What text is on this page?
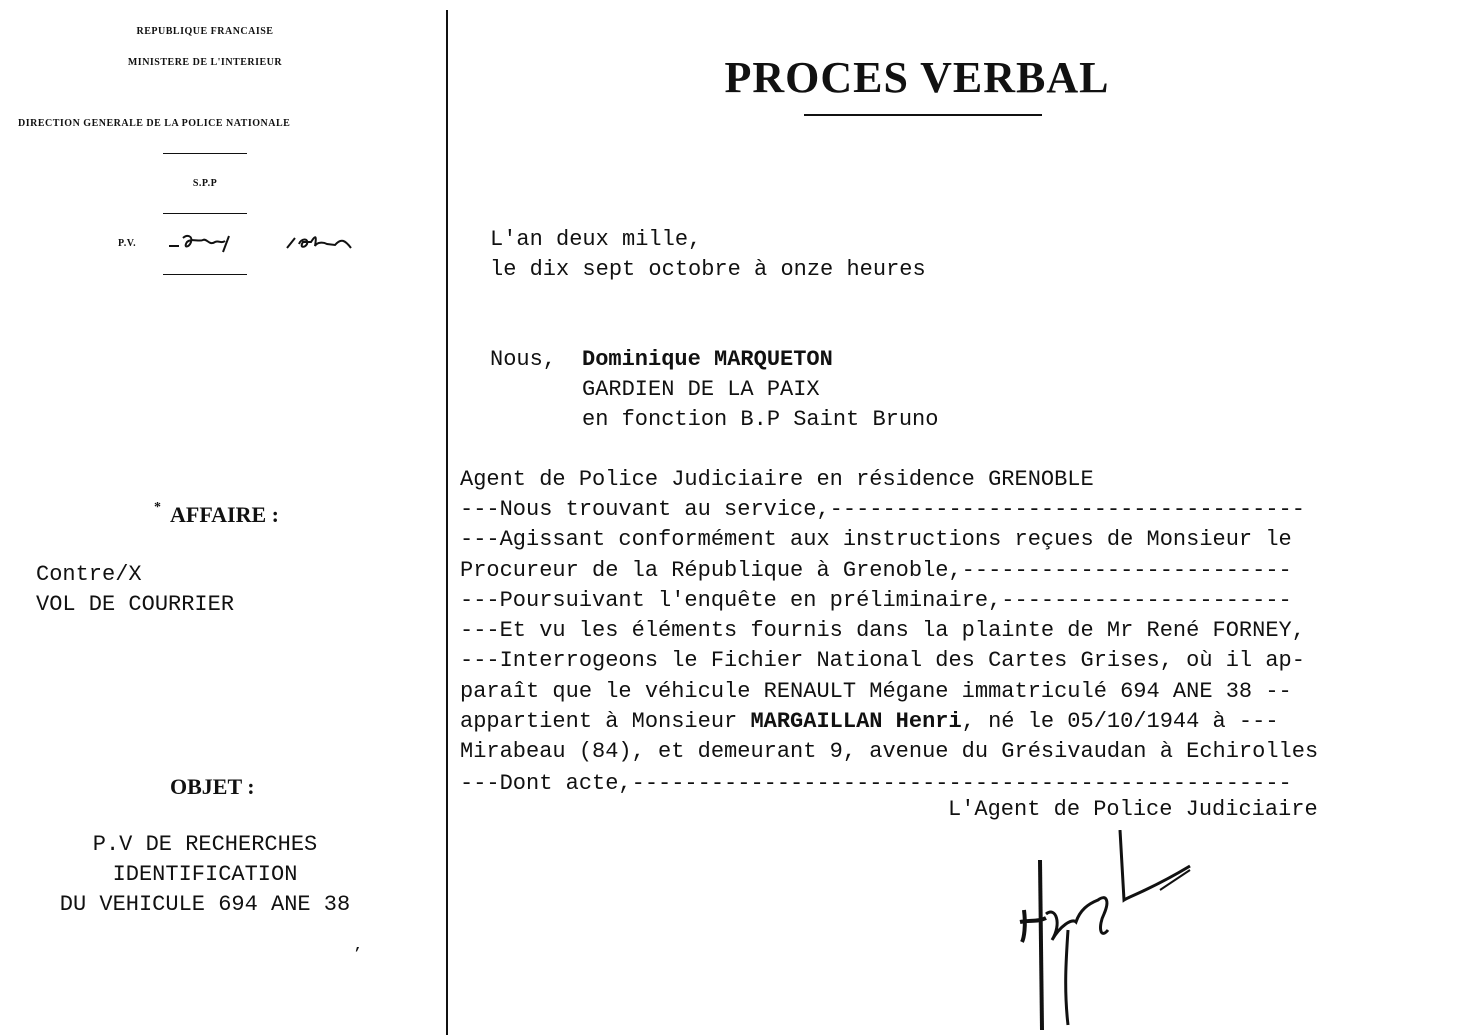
REPUBLIQUE FRANCAISE
MINISTERE DE L'INTERIEUR
DIRECTION GENERALE DE LA POLICE NATIONALE
S.P.P
P.V.
* AFFAIRE :
Contre/X
VOL DE COURRIER
OBJET :
P.V DE RECHERCHES
IDENTIFICATION
DU VEHICULE 694 ANE 38
,
PROCES VERBAL
L'an deux mille,
le dix sept octobre à onze heures
Nous, Dominique MARQUETON
GARDIEN DE LA PAIX
en fonction B.P Saint Bruno
Agent de Police Judiciaire en résidence GRENOBLE
---Nous trouvant au service,------------------------------------
---Agissant conformément aux instructions reçues de Monsieur le
Procureur de la République à Grenoble,-------------------------
---Poursuivant l'enquête en préliminaire,----------------------
---Et vu les éléments fournis dans la plainte de Mr René FORNEY,
---Interrogeons le Fichier National des Cartes Grises, où il ap-
paraît que le véhicule RENAULT Mégane immatriculé 694 ANE 38 --
appartient à Monsieur MARGAILLAN Henri, né le 05/10/1944 à ---
Mirabeau (84), et demeurant 9, avenue du Grésivaudan à Echirolles
---Dont acte,--------------------------------------------------
L'Agent de Police Judiciaire
